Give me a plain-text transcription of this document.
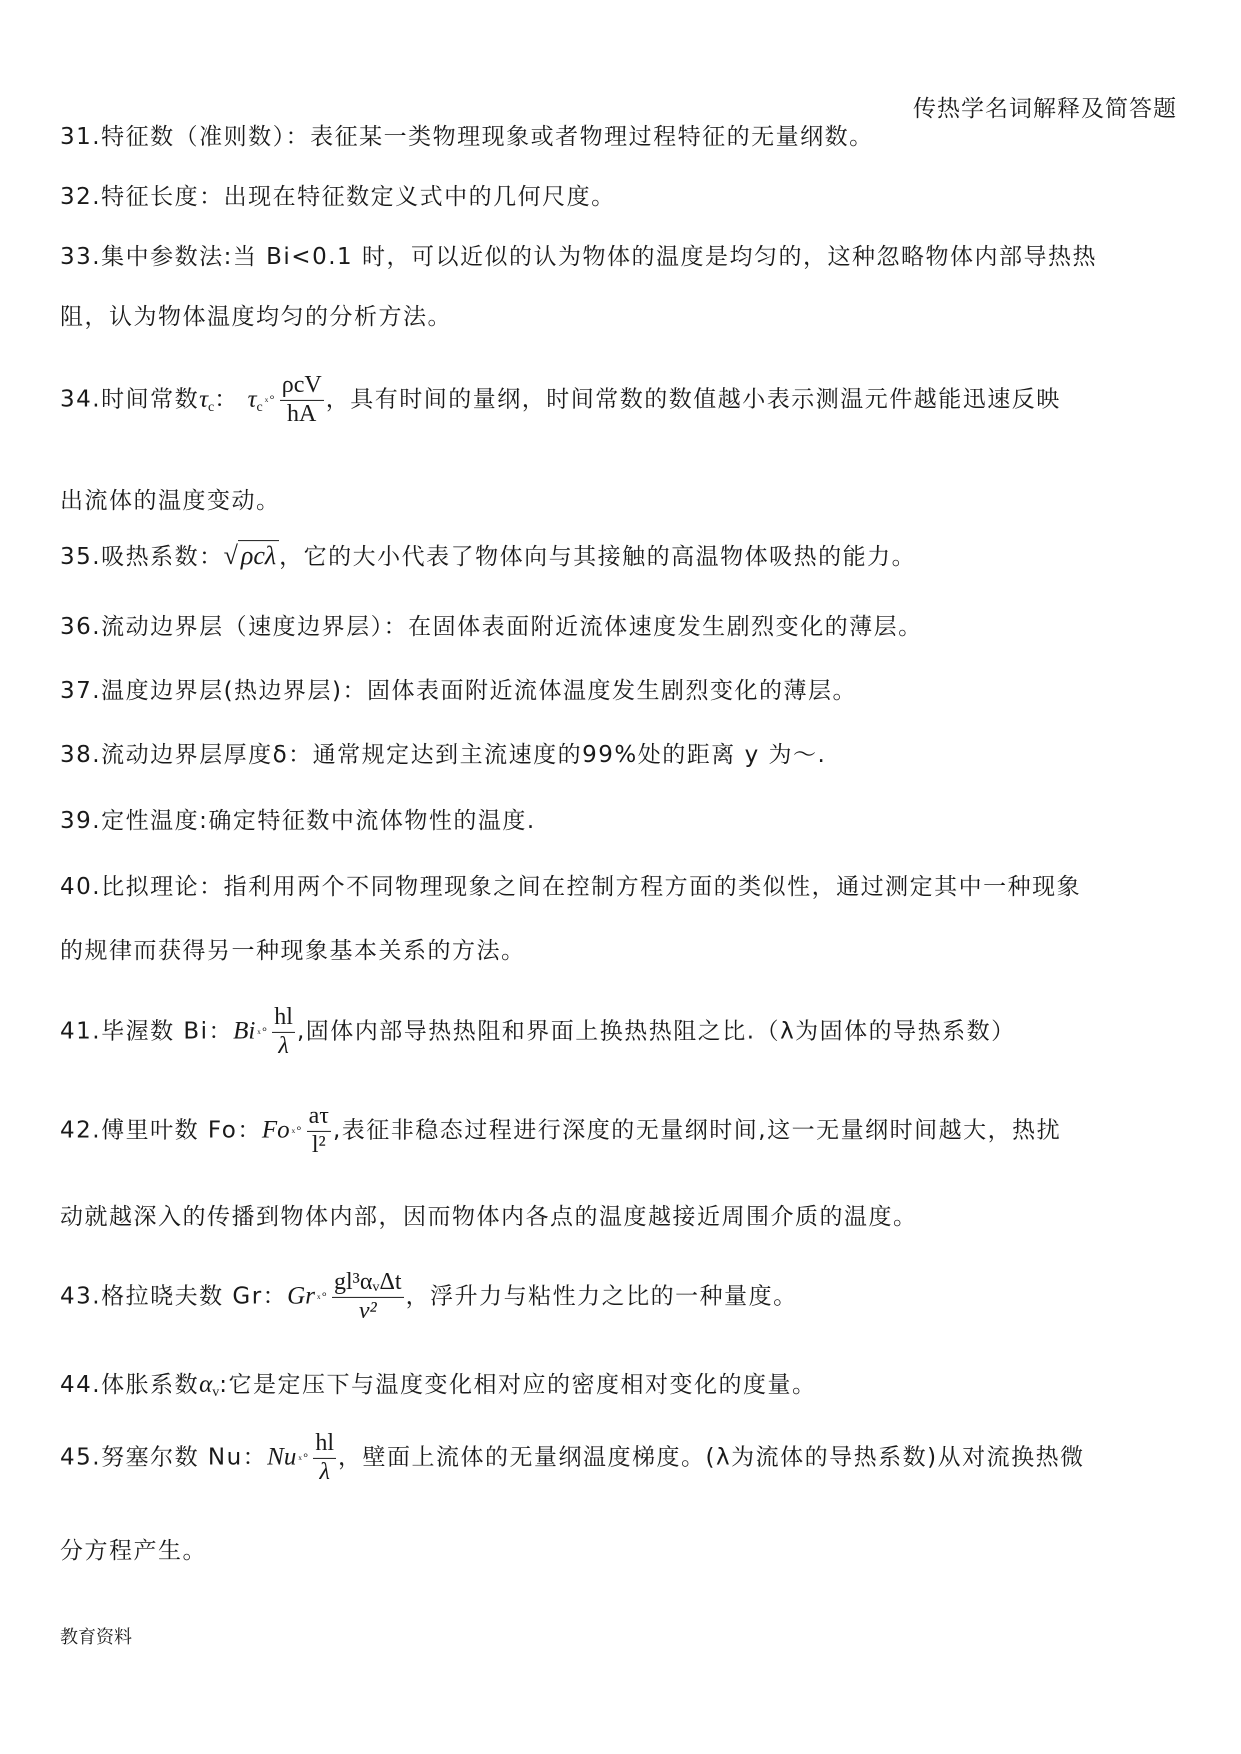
传热学名词解释及简答题
31.特征数（准则数）：表征某一类物理现象或者物理过程特征的无量纲数。
32.特征长度：出现在特征数定义式中的几何尺度。
33.集中参数法:当 Bi<0.1 时，可以近似的认为物体的温度是均匀的，这种忽略物体内部导热热
阻，认为物体温度均匀的分析方法。
34.时间常数$\tau_c$： $\tau_c^{_x\circ} \frac{\text{ρcV}}{hA}$ ，具有时间的量纲，时间常数的数值越小表示测温元件越能迅速反映
出流体的温度变动。
35.吸热系数：√ ρcλ ，它的大小代表了物体向与其接触的高温物体吸热的能力。
36.流动边界层（速度边界层）：在固体表面附近流体速度发生剧烈变化的薄层。
37.温度边界层(热边界层)：固体表面附近流体温度发生剧烈变化的薄层。
38.流动边界层厚度δ：通常规定达到主流速度的99%处的距离 y 为～.
39.定性温度:确定特征数中流体物性的温度.
40.比拟理论：指利用两个不同物理现象之间在控制方程方面的类似性，通过测定其中一种现象
的规律而获得另一种现象基本关系的方法。
41.毕渥数 Bi：Bi $^{_x\circ} \frac{hl}{\lambda}$ ,固体内部导热热阻和界面上换热热阻之比.（λ为固体的导热系数）
42.傅里叶数 Fo：Fo $^{_x\circ} \frac{a\tau}{\text{l²}}$ ,表征非稳态过程进行深度的无量纲时间,这一无量纲时间越大，热扰
动就越深入的传播到物体内部，因而物体内各点的温度越接近周围介质的温度。
43.格拉晓夫数 Gr：Gr $^{_x\circ} \frac{\text{gl³αᵥΔt}}{\text{ν²}}$ ，浮升力与粘性力之比的一种量度。
44.体胀系数$\alpha_v$:它是定压下与温度变化相对应的密度相对变化的度量。
45.努塞尔数 Nu：Nu $^{_x\circ} \frac{hl}{\lambda}$ ，壁面上流体的无量纲温度梯度。(λ为流体的导热系数)从对流换热微
分方程产生。
教育资料
